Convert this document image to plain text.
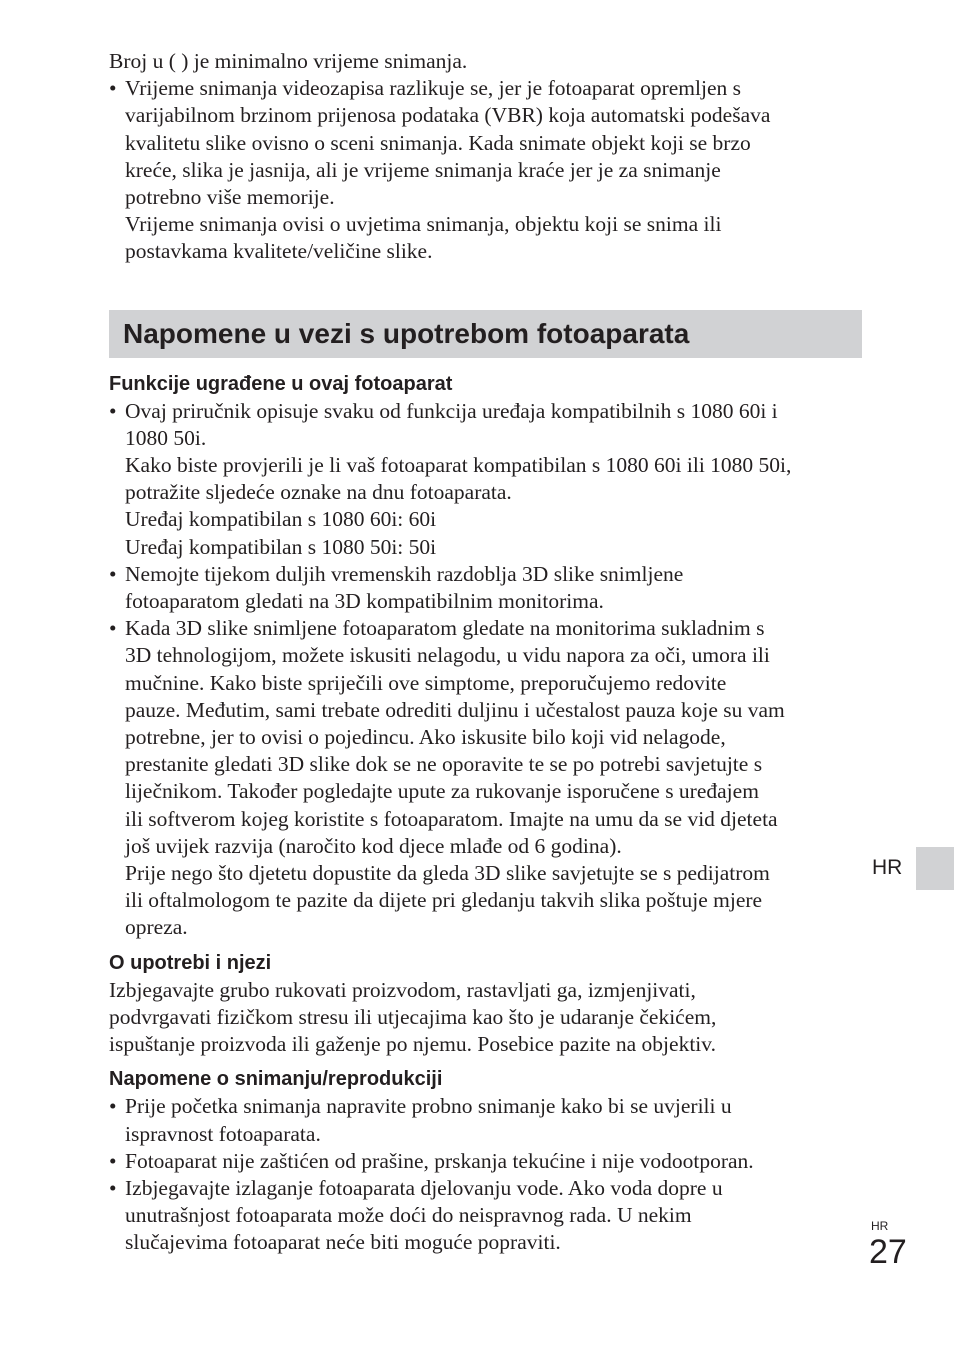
Broj u ( ) je minimalno vrijeme snimanja.

• Vrijeme snimanja videozapisa razlikuje se, jer je fotoaparat opremljen s
varijabilnom brzinom prijenosa podataka (VBR) koja automatski podešava
kvalitetu slike ovisno o sceni snimanja. Kada snimate objekt koji se brzo
kreće, slika je jasnija, ali je vrijeme snimanja kraće jer je za snimanje
potrebno više memorije.
Vrijeme snimanja ovisi o uvjetima snimanja, objektu koji se snima ili
postavkama kvalitete/veličine slike.
Napomene u vezi s upotrebom fotoaparata
Funkcije ugrađene u ovaj fotoaparat
• Ovaj priručnik opisuje svaku od funkcija uređaja kompatibilnih s 1080 60i i
1080 50i.
Kako biste provjerili je li vaš fotoaparat kompatibilan s 1080 60i ili 1080 50i,
potražite sljedeće oznake na dnu fotoaparata.
Uređaj kompatibilan s 1080 60i: 60i
Uređaj kompatibilan s 1080 50i: 50i
• Nemojte tijekom duljih vremenskih razdoblja 3D slike snimljene
fotoaparatom gledati na 3D kompatibilnim monitorima.
• Kada 3D slike snimljene fotoaparatom gledate na monitorima sukladnim s
3D tehnologijom, možete iskusiti nelagodu, u vidu napora za oči, umora ili
mučnine. Kako biste spriječili ove simptome, preporučujemo redovite
pauze. Međutim, sami trebate odrediti duljinu i učestalost pauza koje su vam
potrebne, jer to ovisi o pojedincu. Ako iskusite bilo koji vid nelagode,
prestanite gledati 3D slike dok se ne oporavite te se po potrebi savjetujte s
liječnikom. Također pogledajte upute za rukovanje isporučene s uređajem
ili softverom kojeg koristite s fotoaparatom. Imajte na umu da se vid djeteta
još uvijek razvija (naročito kod djece mlađe od 6 godina).
Prije nego što djetetu dopustite da gleda 3D slike savjetujte se s pedijatrom
ili oftalmologom te pazite da dijete pri gledanju takvih slika poštuje mjere
opreza.
O upotrebi i njezi
Izbjegavajte grubo rukovati proizvodom, rastavljati ga, izmjenjivati,
podvrgavati fizičkom stresu ili utjecajima kao što je udaranje čekićem,
ispuštanje proizvoda ili gaženje po njemu. Posebice pazite na objektiv.
Napomene o snimanju/reprodukciji
• Prije početka snimanja napravite probno snimanje kako bi se uvjerili u
ispravnost fotoaparata.
• Fotoaparat nije zaštićen od prašine, prskanja tekućine i nije vodootporan.
• Izbjegavajte izlaganje fotoaparata djelovanju vode. Ako voda dopre u
unutrašnjost fotoaparata može doći do neispravnog rada. U nekim
slučajevima fotoaparat neće biti moguće popraviti.
HR
HR
27
